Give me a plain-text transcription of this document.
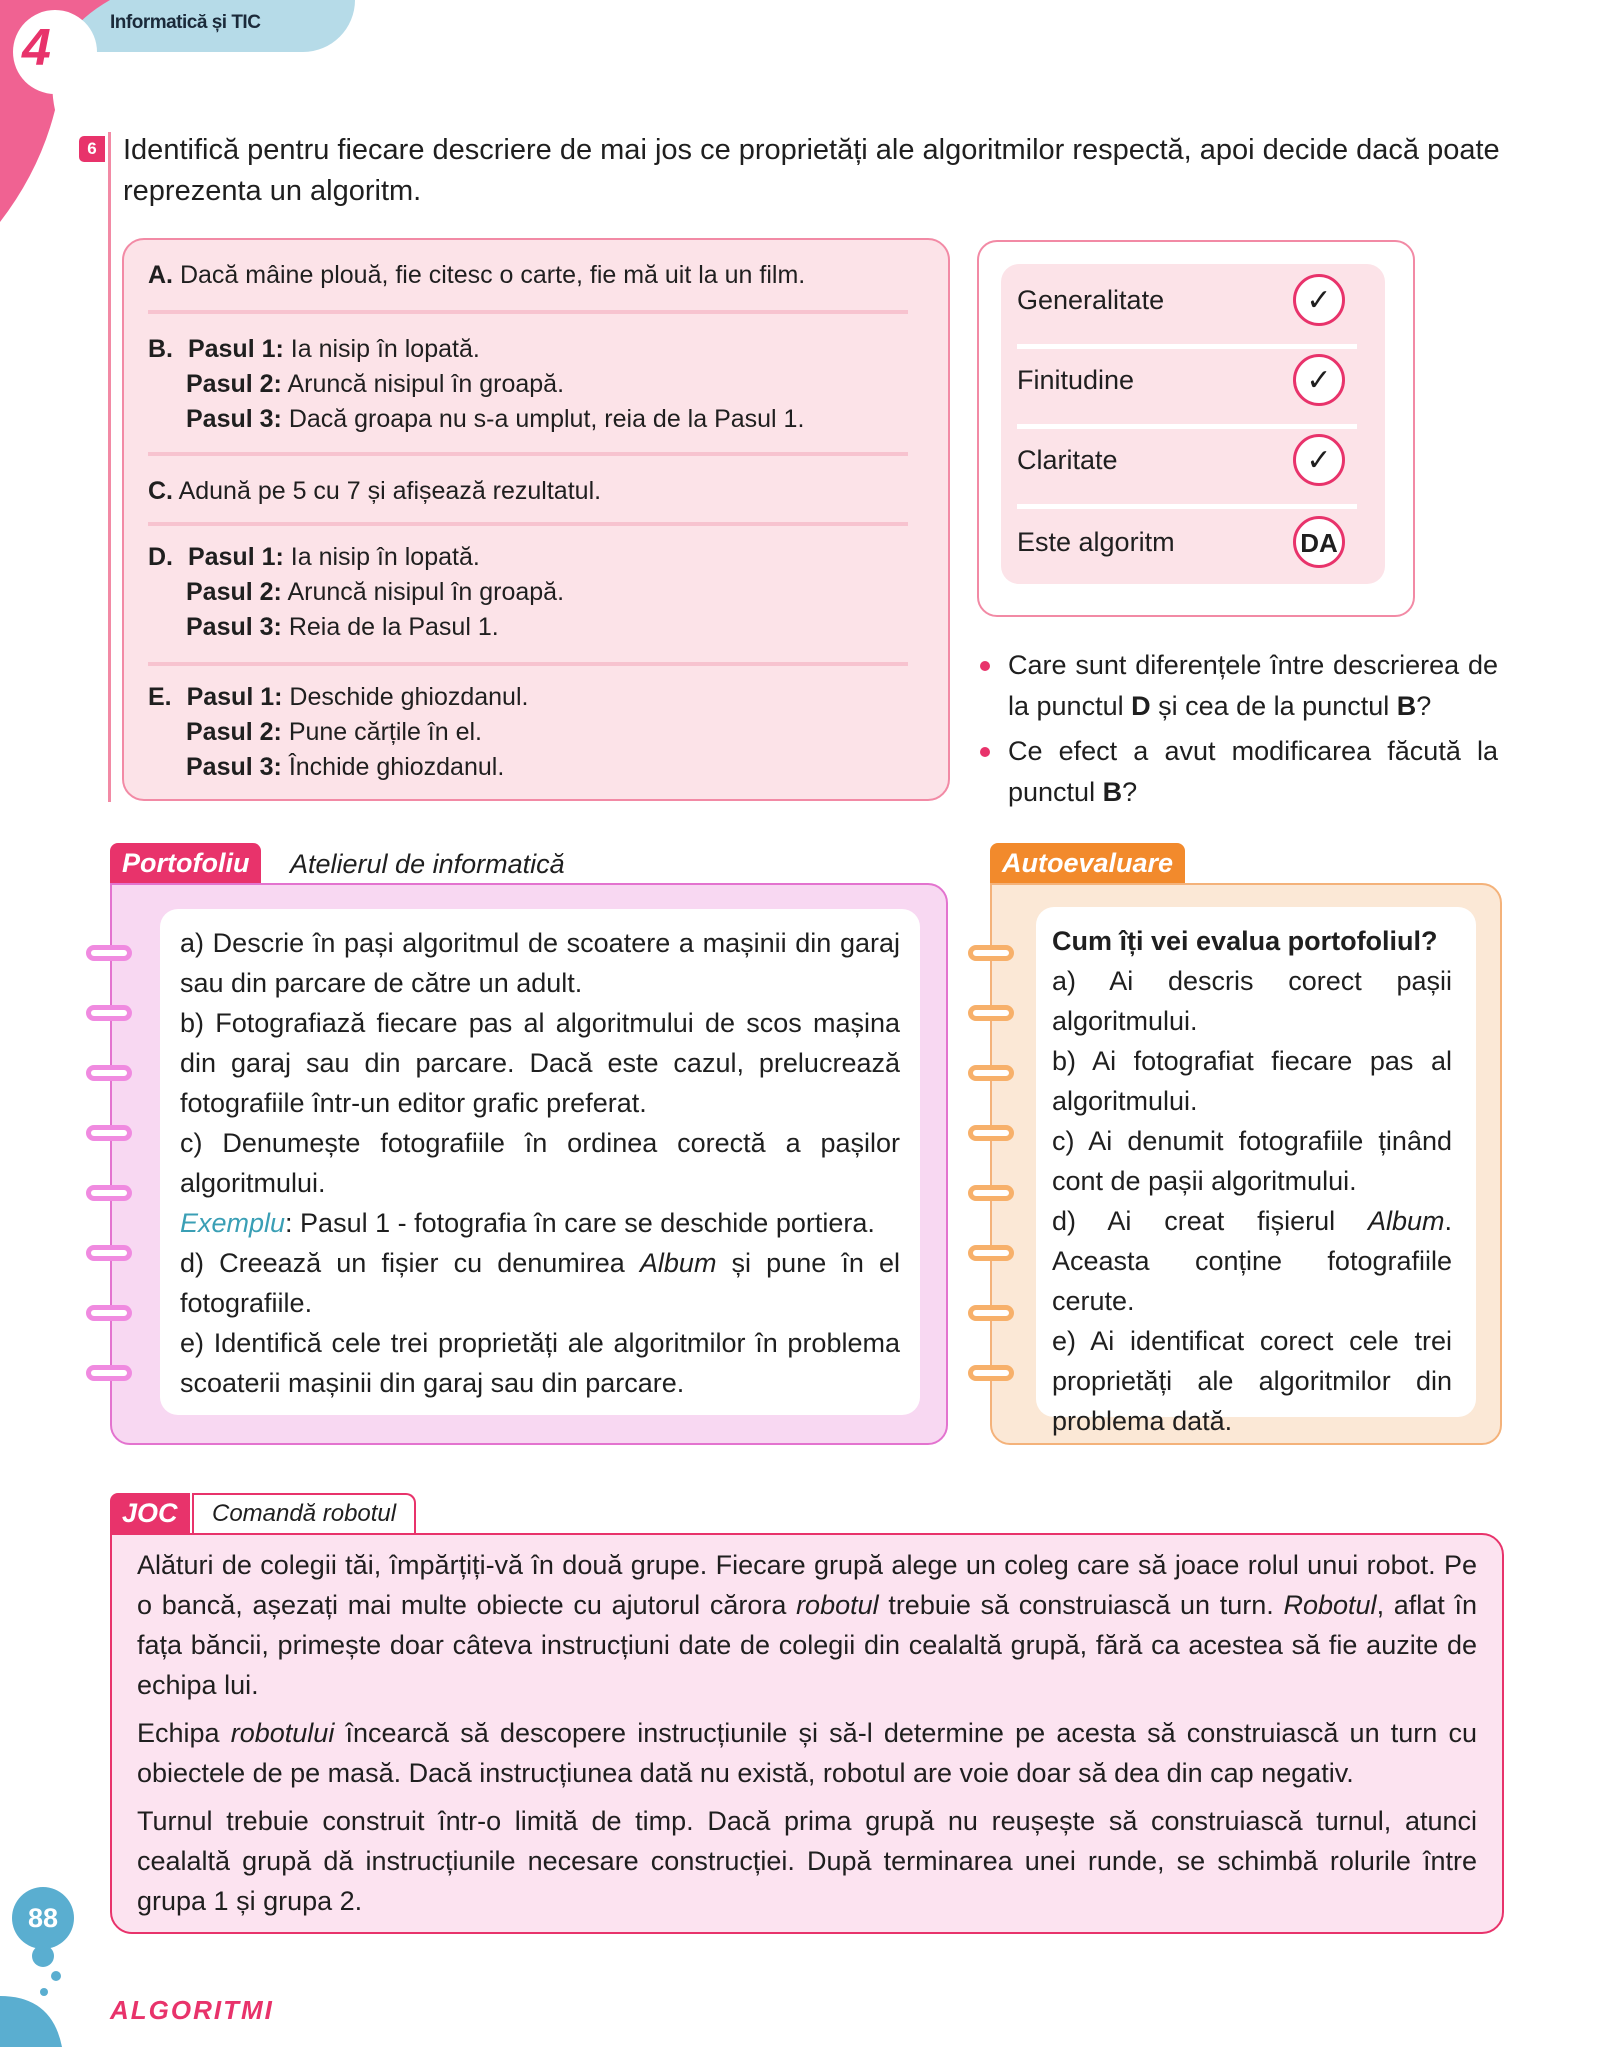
Informatică și TIC
4
6 Identifică pentru fiecare descriere de mai jos ce proprietăți ale algoritmilor respectă, apoi decide dacă poate reprezenta un algoritm.
A. Dacă mâine plouă, fie citesc o carte, fie mă uit la un film.
B. Pasul 1: Ia nisip în lopată.
Pasul 2: Aruncă nisipul în groapă.
Pasul 3: Dacă groapa nu s-a umplut, reia de la Pasul 1.
C. Adună pe 5 cu 7 și afișează rezultatul.
D. Pasul 1: Ia nisip în lopată.
Pasul 2: Aruncă nisipul în groapă.
Pasul 3: Reia de la Pasul 1.
E. Pasul 1: Deschide ghiozdanul.
Pasul 2: Pune cărțile în el.
Pasul 3: Închide ghiozdanul.
Generalitate	✓
Finitudine	✓
Claritate	✓
Este algoritm	DA
Care sunt diferențele între descrierea de la punctul D și cea de la punctul B?
Ce efect a avut modificarea făcută la punctul B?
Portofoliu	Atelierul de informatică
a) Descrie în pași algoritmul de scoatere a mașinii din garaj sau din parcare de către un adult.
b) Fotografiază fiecare pas al algoritmului de scos mașina din garaj sau din parcare. Dacă este cazul, prelucrează fotografiile într-un editor grafic preferat.
c) Denumește fotografiile în ordinea corectă a pașilor algoritmului.
Exemplu: Pasul 1 - fotografia în care se deschide portiera.
d) Creează un fișier cu denumirea Album și pune în el fotografiile.
e) Identifică cele trei proprietăți ale algoritmilor în problema scoaterii mașinii din garaj sau din parcare.
Autoevaluare
Cum îți vei evalua portofoliul?
a) Ai descris corect pașii algoritmului.
b) Ai fotografiat fiecare pas al algoritmului.
c) Ai denumit fotografiile ținând cont de pașii algoritmului.
d) Ai creat fișierul Album. Aceasta conține fotografiile cerute.
e) Ai identificat corect cele trei proprietăți ale algoritmilor din problema dată.
JOC	Comandă robotul

Alături de colegii tăi, împărțiți-vă în două grupe. Fiecare grupă alege un coleg care să joace rolul unui robot. Pe o bancă, așezați mai multe obiecte cu ajutorul cărora robotul trebuie să construiască un turn. Robotul, aflat în fața băncii, primește doar câteva instrucțiuni date de colegii din cealaltă grupă, fără ca acestea să fie auzite de echipa lui.

Echipa robotului încearcă să descopere instrucțiunile și să-l determine pe acesta să construiască un turn cu obiectele de pe masă. Dacă instrucțiunea dată nu există, robotul are voie doar să dea din cap negativ.

Turnul trebuie construit într-o limită de timp. Dacă prima grupă nu reușește să construiască turnul, atunci cealaltă grupă dă instrucțiunile necesare construcției. După terminarea unei runde, se schimbă rolurile între grupa 1 și grupa 2.

88
ALGORITMI
